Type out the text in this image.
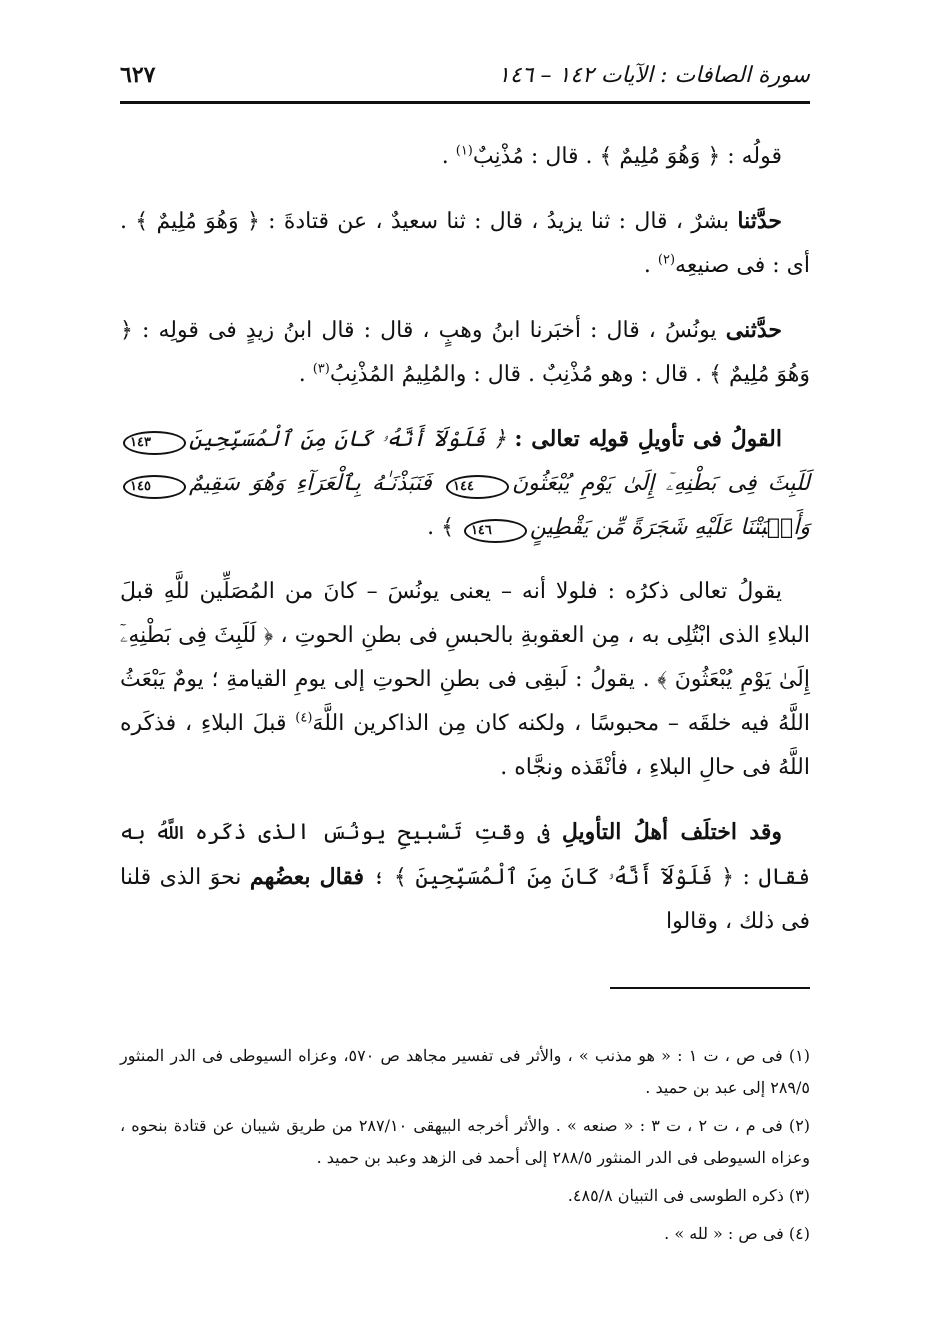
سورة الصافات : الآيات ١٤٢ – ١٤٦
٦٢٧

قولُه : ﴿ وَهُوَ مُلِيمٌ ﴾ . قال : مُذْنِبٌ$^{(١)}$ .

حدَّثنا بشرٌ ، قال : ثنا يزيدُ ، قال : ثنا سعيدٌ ، عن قتادةَ : ﴿ وَهُوَ مُلِيمٌ ﴾ . أى : فى صنيعِه$^{(٢)}$ .

حدَّثنى يونُسُ ، قال : أخبَرنا ابنُ وهبٍ ، قال : قال ابنُ زيدٍ فى قولِه : ﴿ وَهُوَ مُلِيمٌ ﴾ . قال : وهو مُذْنِبٌ . قال : والمُلِيمُ المُذْنِبُ$^{(٣)}$ .

القولُ فى تأويلِ قولِه تعالى : ﴿ فَلَوْلَآ أَنَّهُۥ كَانَ مِنَ ٱلْمُسَبِّحِينَ١٤٣ لَلَبِثَ فِى بَطْنِهِۦٓ إِلَىٰ يَوْمِ يُبْعَثُونَ١٤٤ فَنَبَذْنَـٰهُ بِٱلْعَرَآءِ وَهُوَ سَقِيمٌ١٤٥ وَأَنۢبَتْنَا عَلَيْهِ شَجَرَةً مِّن يَقْطِينٍ١٤٦ ﴾ .

يقولُ تعالى ذكرُه : فلولا أنه – يعنى يونُسَ – كانَ من المُصَلِّين للَّهِ قبلَ البلاءِ الذى ابْتُلِى به ، مِن العقوبةِ بالحبسِ فى بطنِ الحوتِ ، ﴿ لَلَبِثَ فِى بَطْنِهِۦٓ إِلَىٰ يَوْمِ يُبْعَثُونَ ﴾ . يقولُ : لَبقِى فى بطنِ الحوتِ إلى يومِ القيامةِ ؛ يومٌ يَبْعَثُ اللَّهُ فيه خلقَه – محبوسًا ، ولكنه كان مِن الذاكرين اللَّهَ$^{(٤)}$ قبلَ البلاءِ ، فذكَره اللَّهُ فى حالِ البلاءِ ، فأنْقَذه ونجَّاه .

وقد اختلَف أهلُ التأويلِ فى وقتِ تَسْبيحِ يونُسَ الذى ذكَره اللَّهُ به فقال : ﴿ فَلَوْلَآ أَنَّهُۥ كَانَ مِنَ ٱلْمُسَبِّحِينَ ﴾ ؛ فقال بعضُهم نحوَ الذى قلنا فى ذلك ، وقالوا

(١) فى ص ، ت ١ : « هو مذنب » ، والأثر فى تفسير مجاهد ص ٥٧٠، وعزاه السيوطى فى الدر المنثور ٢٨٩/٥ إلى عبد بن حميد .

(٢) فى م ، ت ٢ ، ت ٣ : « صنعه » . والأثر أخرجه البيهقى ٢٨٧/١٠ من طريق شيبان عن قتادة بنحوه ، وعزاه السيوطى فى الدر المنثور ٢٨٨/٥ إلى أحمد فى الزهد وعبد بن حميد .

(٣) ذكره الطوسى فى التبيان ٤٨٥/٨.

(٤) فى ص : « لله » .
